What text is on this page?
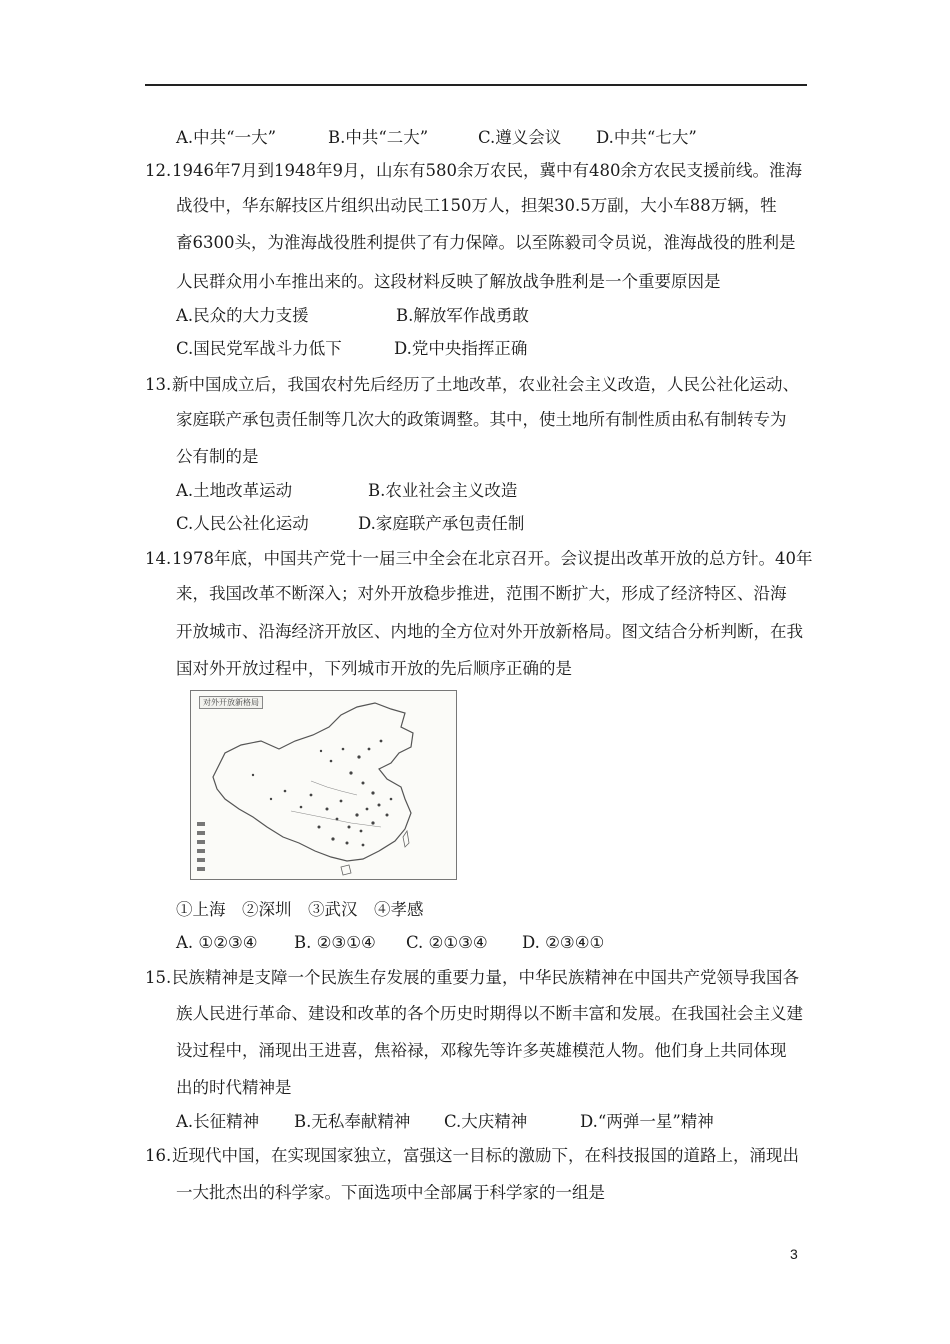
A.中共“一大”	B.中共“二大”	C.遵义会议 D.中共“七大”
12. 1946年7月到1948年9月，山东有580余万农民，冀中有480余方农民支援前线。淮海
战役中，华东解技区片组织出动民工150万人，担架30.5万副，大小车88万辆，牲
畜6300头，为淮海战役胜利提供了有力保障。以至陈毅司令员说，淮海战役的胜利是
人民群众用小车推出来的。这段材料反映了解放战争胜利是一个重要原因是
A.民众的大力支援	B.解放军作战勇敢
C.国民党军战斗力低下	D.党中央指挥正确
13. 新中国成立后，我国农村先后经历了土地改革，农业社会主义改造，人民公社化运动、
家庭联产承包责任制等几次大的政策调整。其中，使土地所有制性质由私有制转专为
公有制的是
A.土地改革运动	B.农业社会主义改造
C.人民公社化运动	D.家庭联产承包责任制
14. 1978年底，中国共产党十一届三中全会在北京召开。会议提出改革开放的总方针。40年
来，我国改革不断深入；对外开放稳步推进，范围不断扩大，形成了经济特区、沿海
开放城市、沿海经济开放区、内地的全方位对外开放新格局。图文结合分析判断，在我
国对外开放过程中，下列城市开放的先后顺序正确的是
对外开放新格局
①上海　②深圳　③武汉　④孝感
A. ①②③④ B. ②③①④ C. ②①③④ D. ②③④①
15. 民族精神是支障一个民族生存发展的重要力量，中华民族精神在中国共产党领导我国各
族人民进行革命、建设和改革的各个历史时期得以不断丰富和发展。在我国社会主义建
设过程中，涌现出王进喜，焦裕禄，邓稼先等许多英雄模范人物。他们身上共同体现
出的时代精神是
A.长征精神 B.无私奉献精神 C.大庆精神	D.“两弹一星”精神
16. 近现代中国，在实现国家独立，富强这一目标的激励下，在科技报国的道路上，涌现出
一大批杰出的科学家。下面选项中全部属于科学家的一组是
3
